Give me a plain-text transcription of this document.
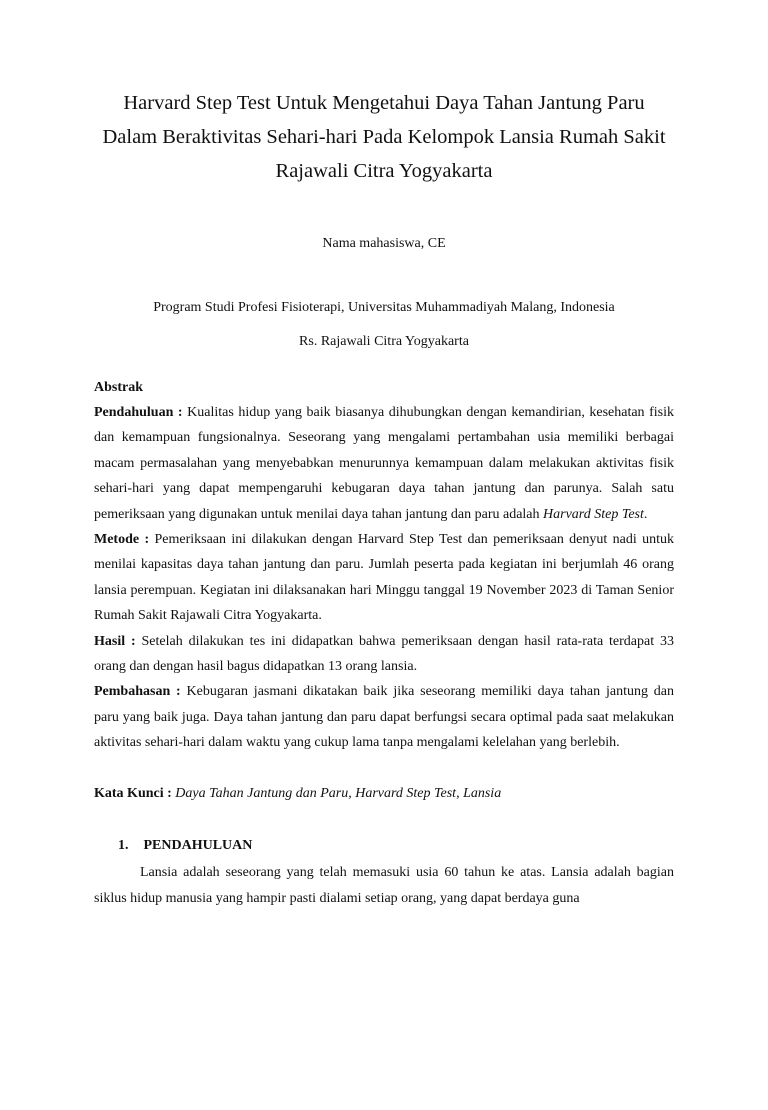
Harvard Step Test Untuk Mengetahui Daya Tahan Jantung Paru
Dalam Beraktivitas Sehari-hari Pada Kelompok Lansia Rumah Sakit
Rajawali Citra Yogyakarta
Nama mahasiswa, CE
Program Studi Profesi Fisioterapi, Universitas Muhammadiyah Malang, Indonesia
Rs. Rajawali Citra Yogyakarta
Abstrak

Pendahuluan : Kualitas hidup yang baik biasanya dihubungkan dengan kemandirian, kesehatan fisik dan kemampuan fungsionalnya. Seseorang yang mengalami pertambahan usia memiliki berbagai macam permasalahan yang menyebabkan menurunnya kemampuan dalam melakukan aktivitas fisik sehari-hari yang dapat mempengaruhi kebugaran daya tahan jantung dan parunya. Salah satu pemeriksaan yang digunakan untuk menilai daya tahan jantung dan paru adalah Harvard Step Test.

Metode : Pemeriksaan ini dilakukan dengan Harvard Step Test dan pemeriksaan denyut nadi untuk menilai kapasitas daya tahan jantung dan paru. Jumlah peserta pada kegiatan ini berjumlah 46 orang lansia perempuan. Kegiatan ini dilaksanakan hari Minggu tanggal 19 November 2023 di Taman Senior Rumah Sakit Rajawali Citra Yogyakarta.

Hasil : Setelah dilakukan tes ini didapatkan bahwa pemeriksaan dengan hasil rata-rata terdapat 33 orang dan dengan hasil bagus didapatkan 13 orang lansia.

Pembahasan : Kebugaran jasmani dikatakan baik jika seseorang memiliki daya tahan jantung dan paru yang baik juga. Daya tahan jantung dan paru dapat berfungsi secara optimal pada saat melakukan aktivitas sehari-hari dalam waktu yang cukup lama tanpa mengalami kelelahan yang berlebih.

Kata Kunci : Daya Tahan Jantung dan Paru, Harvard Step Test, Lansia
1. PENDAHULUAN

Lansia adalah seseorang yang telah memasuki usia 60 tahun ke atas. Lansia adalah bagian siklus hidup manusia yang hampir pasti dialami setiap orang, yang dapat berdaya guna
